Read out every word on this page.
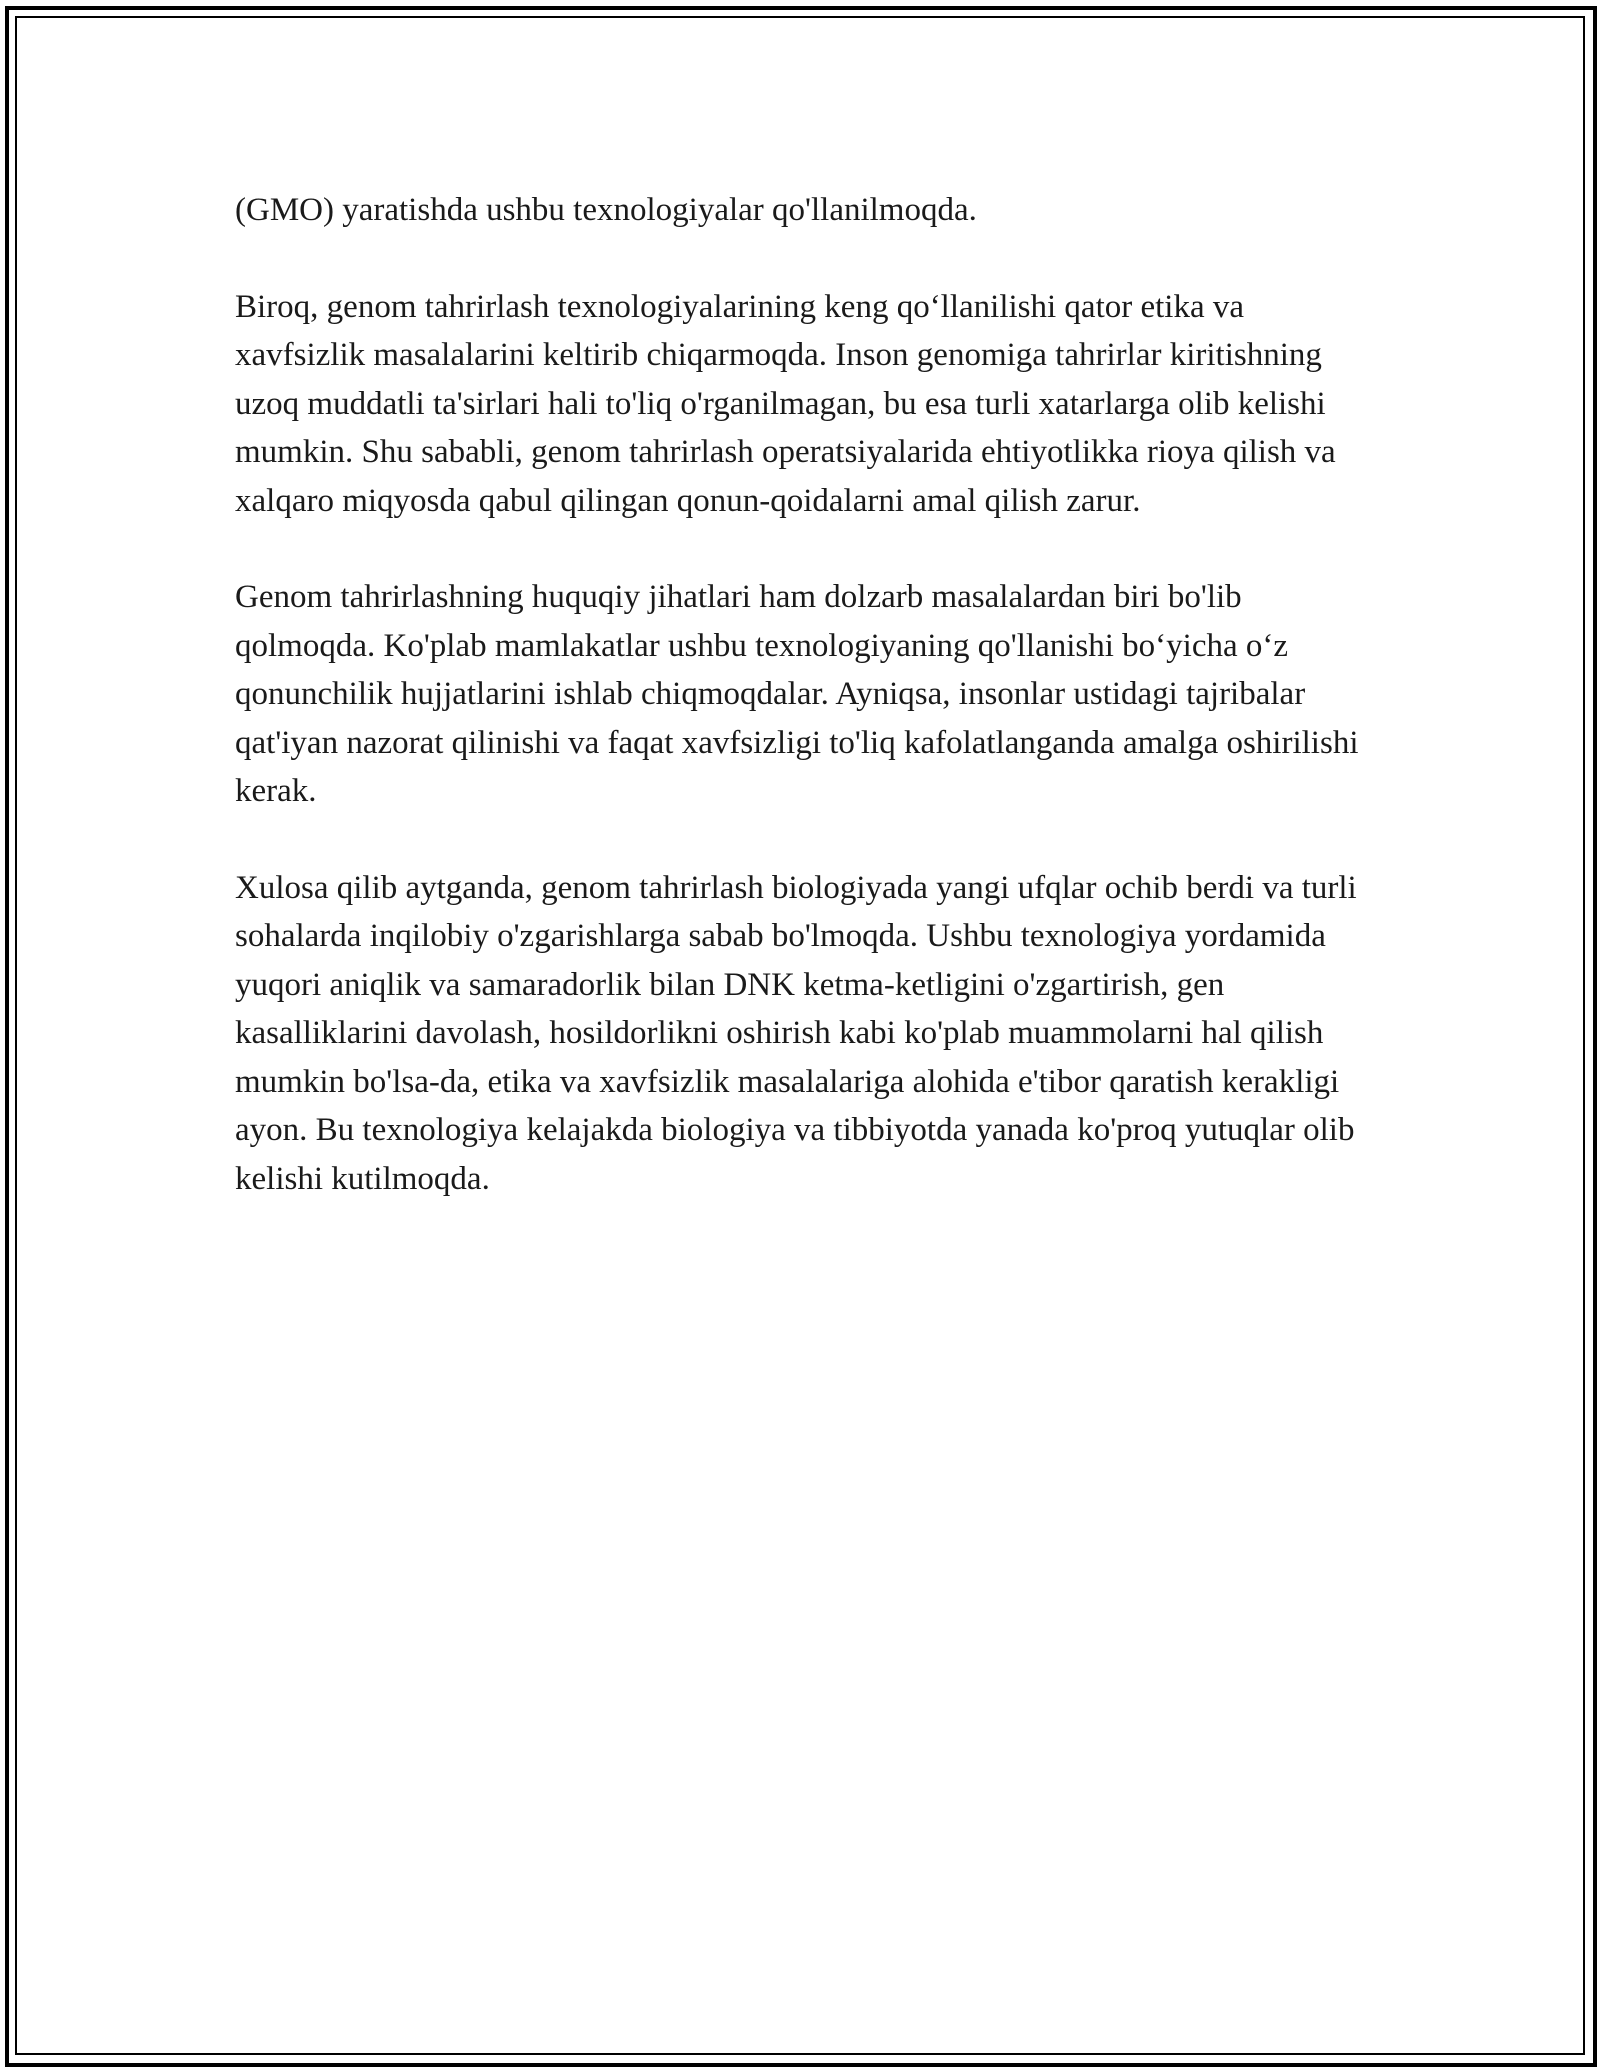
(GMO) yaratishda ushbu texnologiyalar qo'llanilmoqda.

Biroq, genom tahrirlash texnologiyalarining keng qo‘llanilishi qator etika va xavfsizlik masalalarini keltirib chiqarmoqda. Inson genomiga tahrirlar kiritishning uzoq muddatli ta'sirlari hali to'liq o'rganilmagan, bu esa turli xatarlarga olib kelishi mumkin. Shu sababli, genom tahrirlash operatsiyalarida ehtiyotlikka rioya qilish va xalqaro miqyosda qabul qilingan qonun-qoidalarni amal qilish zarur.

Genom tahrirlashning huquqiy jihatlari ham dolzarb masalalardan biri bo'lib qolmoqda. Ko'plab mamlakatlar ushbu texnologiyaning qo'llanishi bo‘yicha o‘z qonunchilik hujjatlarini ishlab chiqmoqdalar. Ayniqsa, insonlar ustidagi tajribalar qat'iyan nazorat qilinishi va faqat xavfsizligi to'liq kafolatlanganda amalga oshirilishi kerak.

Xulosa qilib aytganda, genom tahrirlash biologiyada yangi ufqlar ochib berdi va turli sohalarda inqilobiy o'zgarishlarga sabab bo'lmoqda. Ushbu texnologiya yordamida yuqori aniqlik va samaradorlik bilan DNK ketma-ketligini o'zgartirish, gen kasalliklarini davolash, hosildorlikni oshirish kabi ko'plab muammolarni hal qilish mumkin bo'lsa-da, etika va xavfsizlik masalalariga alohida e'tibor qaratish kerakligi ayon. Bu texnologiya kelajakda biologiya va tibbiyotda yanada ko'proq yutuqlar olib kelishi kutilmoqda.
